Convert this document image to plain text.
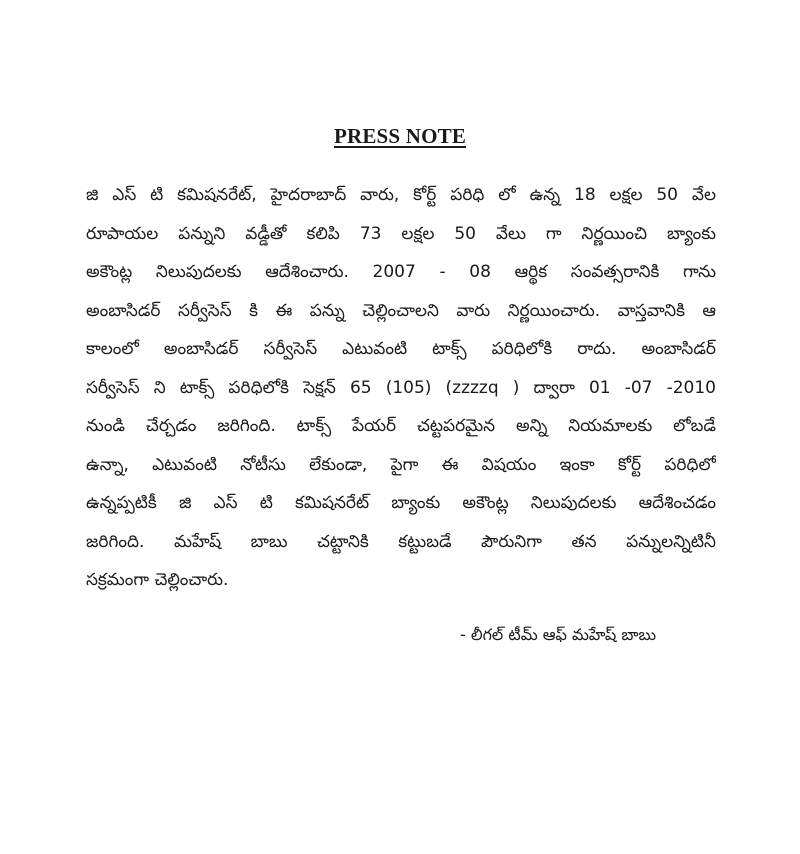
PRESS NOTE
జి ఎస్ టి కమిషనరేట్, హైదరాబాద్ వారు, కోర్ట్ పరిధి లో ఉన్న 18 లక్షల 50 వేల
రూపాయల పన్నుని వడ్డీతో కలిపి 73 లక్షల 50 వేలు గా నిర్ణయించి బ్యాంకు
అకౌంట్ల నిలుపుదలకు ఆదేశించారు. 2007 - 08 ఆర్థిక సంవత్సరానికి గాను
అంబాసిడర్ సర్వీసెస్ కి ఈ పన్ను చెల్లించాలని వారు నిర్ణయించారు. వాస్తవానికి ఆ
కాలంలో అంబాసిడర్ సర్వీసెస్ ఎటువంటి టాక్స్ పరిధిలోకి రాదు. అంబాసిడర్
సర్వీసెస్ ని టాక్స్ పరిధిలోకి సెక్షన్ 65 (105) (zzzzq ) ద్వారా 01 -07 -2010
నుండి చేర్చడం జరిగింది. టాక్స్ పేయర్ చట్టపరమైన అన్ని నియమాలకు లోబడే
ఉన్నా, ఎటువంటి నోటీసు లేకుండా, పైగా ఈ విషయం ఇంకా కోర్ట్ పరిధిలో
ఉన్నప్పటికీ జి ఎస్ టి కమిషనరేట్ బ్యాంకు అకౌంట్ల నిలుపుదలకు ఆదేశించడం
జరిగింది. మహేష్ బాబు చట్టానికి కట్టుబడే పౌరునిగా తన పన్నులన్నిటినీ
సక్రమంగా చెల్లించారు.
- లీగల్ టీమ్ ఆఫ్ మహేష్ బాబు
